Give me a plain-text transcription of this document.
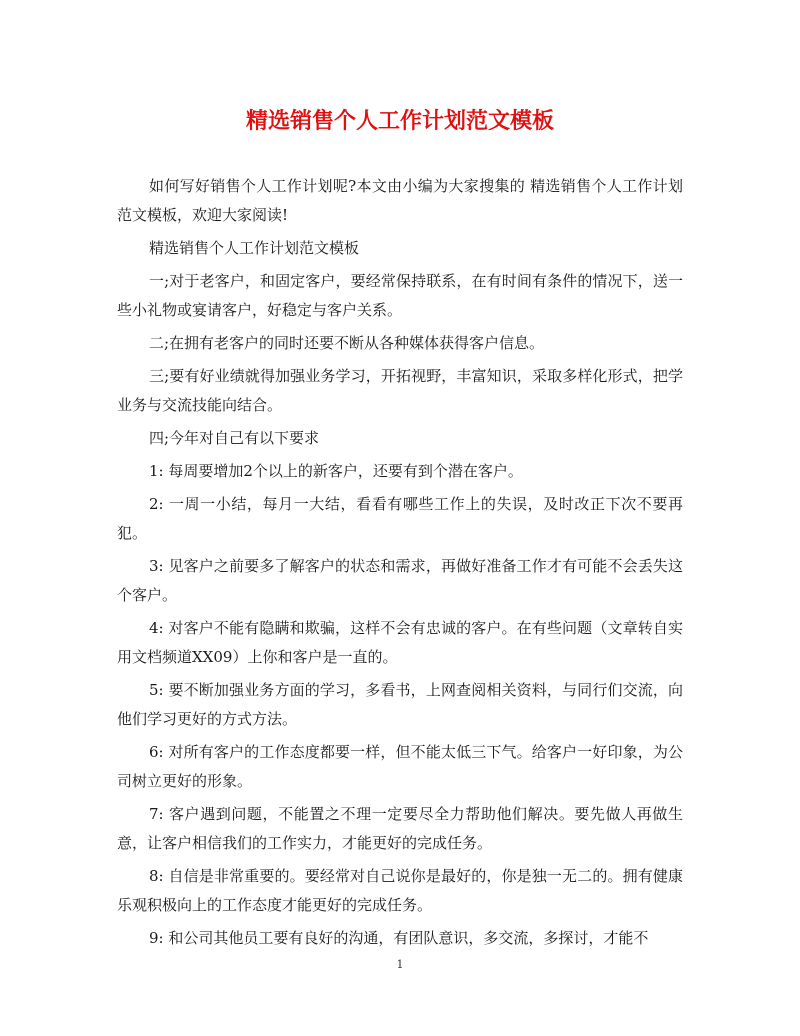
精选销售个人工作计划范文模板

如何写好销售个人工作计划呢?本文由小编为大家搜集的 精选销售个人工作计划范文模板，欢迎大家阅读!

精选销售个人工作计划范文模板

一;对于老客户，和固定客户，要经常保持联系，在有时间有条件的情况下，送一些小礼物或宴请客户，好稳定与客户关系。

二;在拥有老客户的同时还要不断从各种媒体获得客户信息。

三;要有好业绩就得加强业务学习，开拓视野，丰富知识，采取多样化形式，把学业务与交流技能向结合。

四;今年对自己有以下要求

1: 每周要增加2个以上的新客户，还要有到个潜在客户。

2: 一周一小结，每月一大结，看看有哪些工作上的失误，及时改正下次不要再犯。

3: 见客户之前要多了解客户的状态和需求，再做好准备工作才有可能不会丢失这个客户。

4: 对客户不能有隐瞒和欺骗，这样不会有忠诚的客户。在有些问题（文章转自实用文档频道XX09）上你和客户是一直的。

5: 要不断加强业务方面的学习，多看书，上网查阅相关资料，与同行们交流，向他们学习更好的方式方法。

6: 对所有客户的工作态度都要一样，但不能太低三下气。给客户一好印象，为公司树立更好的形象。

7: 客户遇到问题，不能置之不理一定要尽全力帮助他们解决。要先做人再做生意，让客户相信我们的工作实力，才能更好的完成任务。

8: 自信是非常重要的。要经常对自己说你是最好的，你是独一无二的。拥有健康乐观积极向上的工作态度才能更好的完成任务。

9: 和公司其他员工要有良好的沟通，有团队意识，多交流，多探讨，才能不

1
